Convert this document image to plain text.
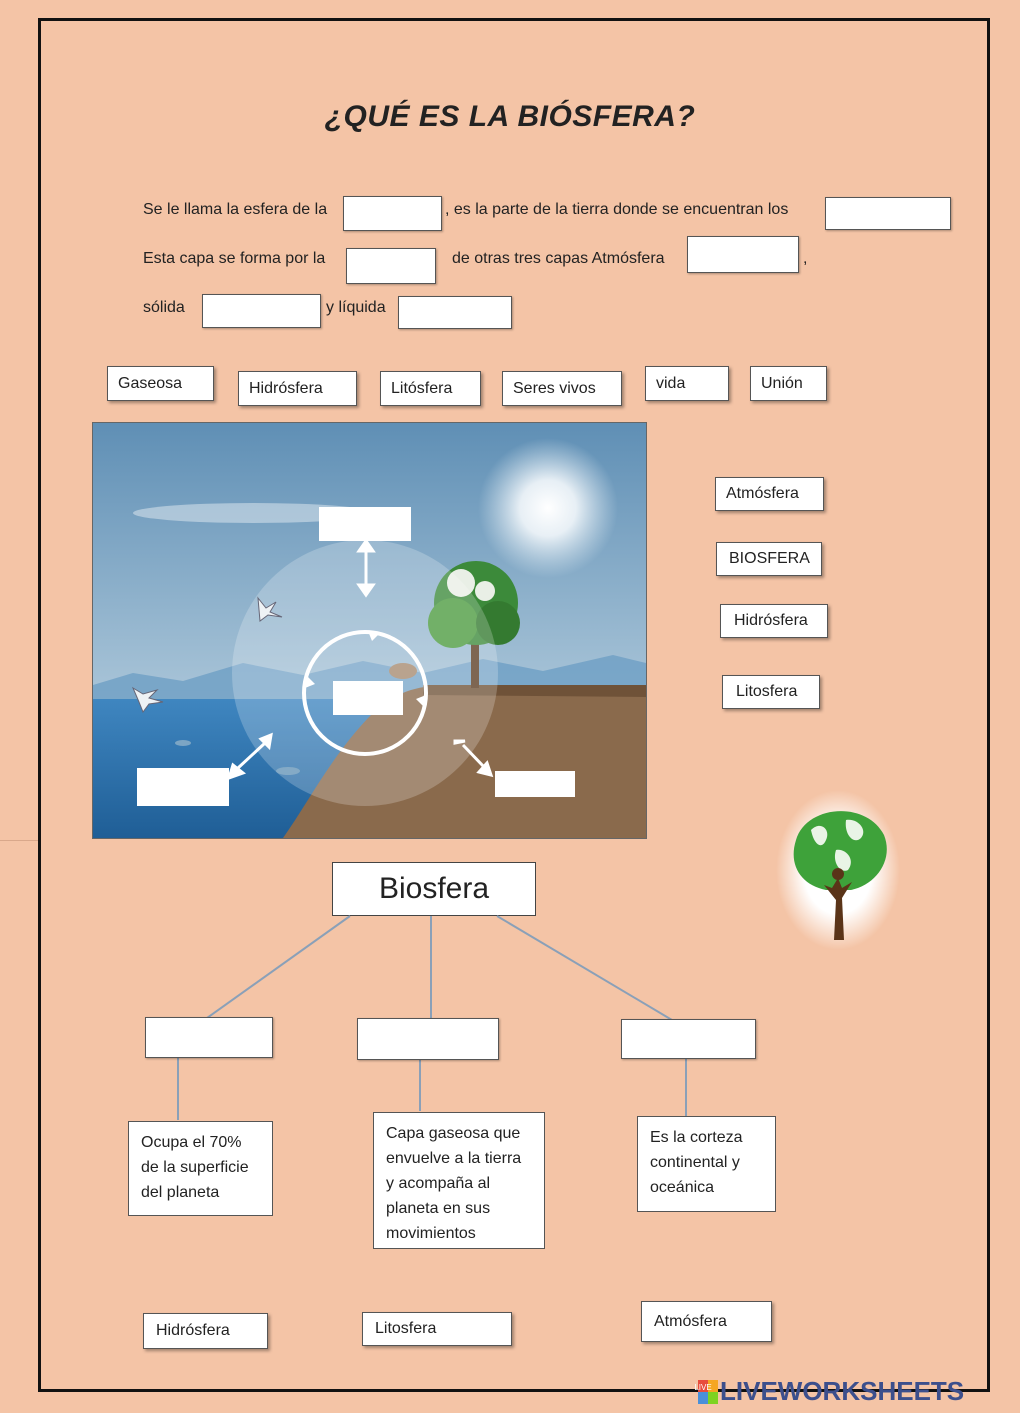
¿QUÉ ES LA BIÓSFERA?
Se le llama la esfera de la	, es la parte de la tierra donde se encuentran los
Esta capa se forma por la	de otras tres capas Atmósfera	,
sólida	y líquida
Gaseosa	Hidrósfera	Litósfera	Seres vivos	vida	Unión
Atmósfera
BIOSFERA
Hidrósfera
Litosfera
Biosfera
Ocupa el 70% de la superficie del planeta
Capa gaseosa que envuelve a la tierra y acompaña al planeta en sus movimientos
Es la corteza continental y oceánica
Hidrósfera	Litosfera	Atmósfera
LIVE LIVEWORKSHEETS
